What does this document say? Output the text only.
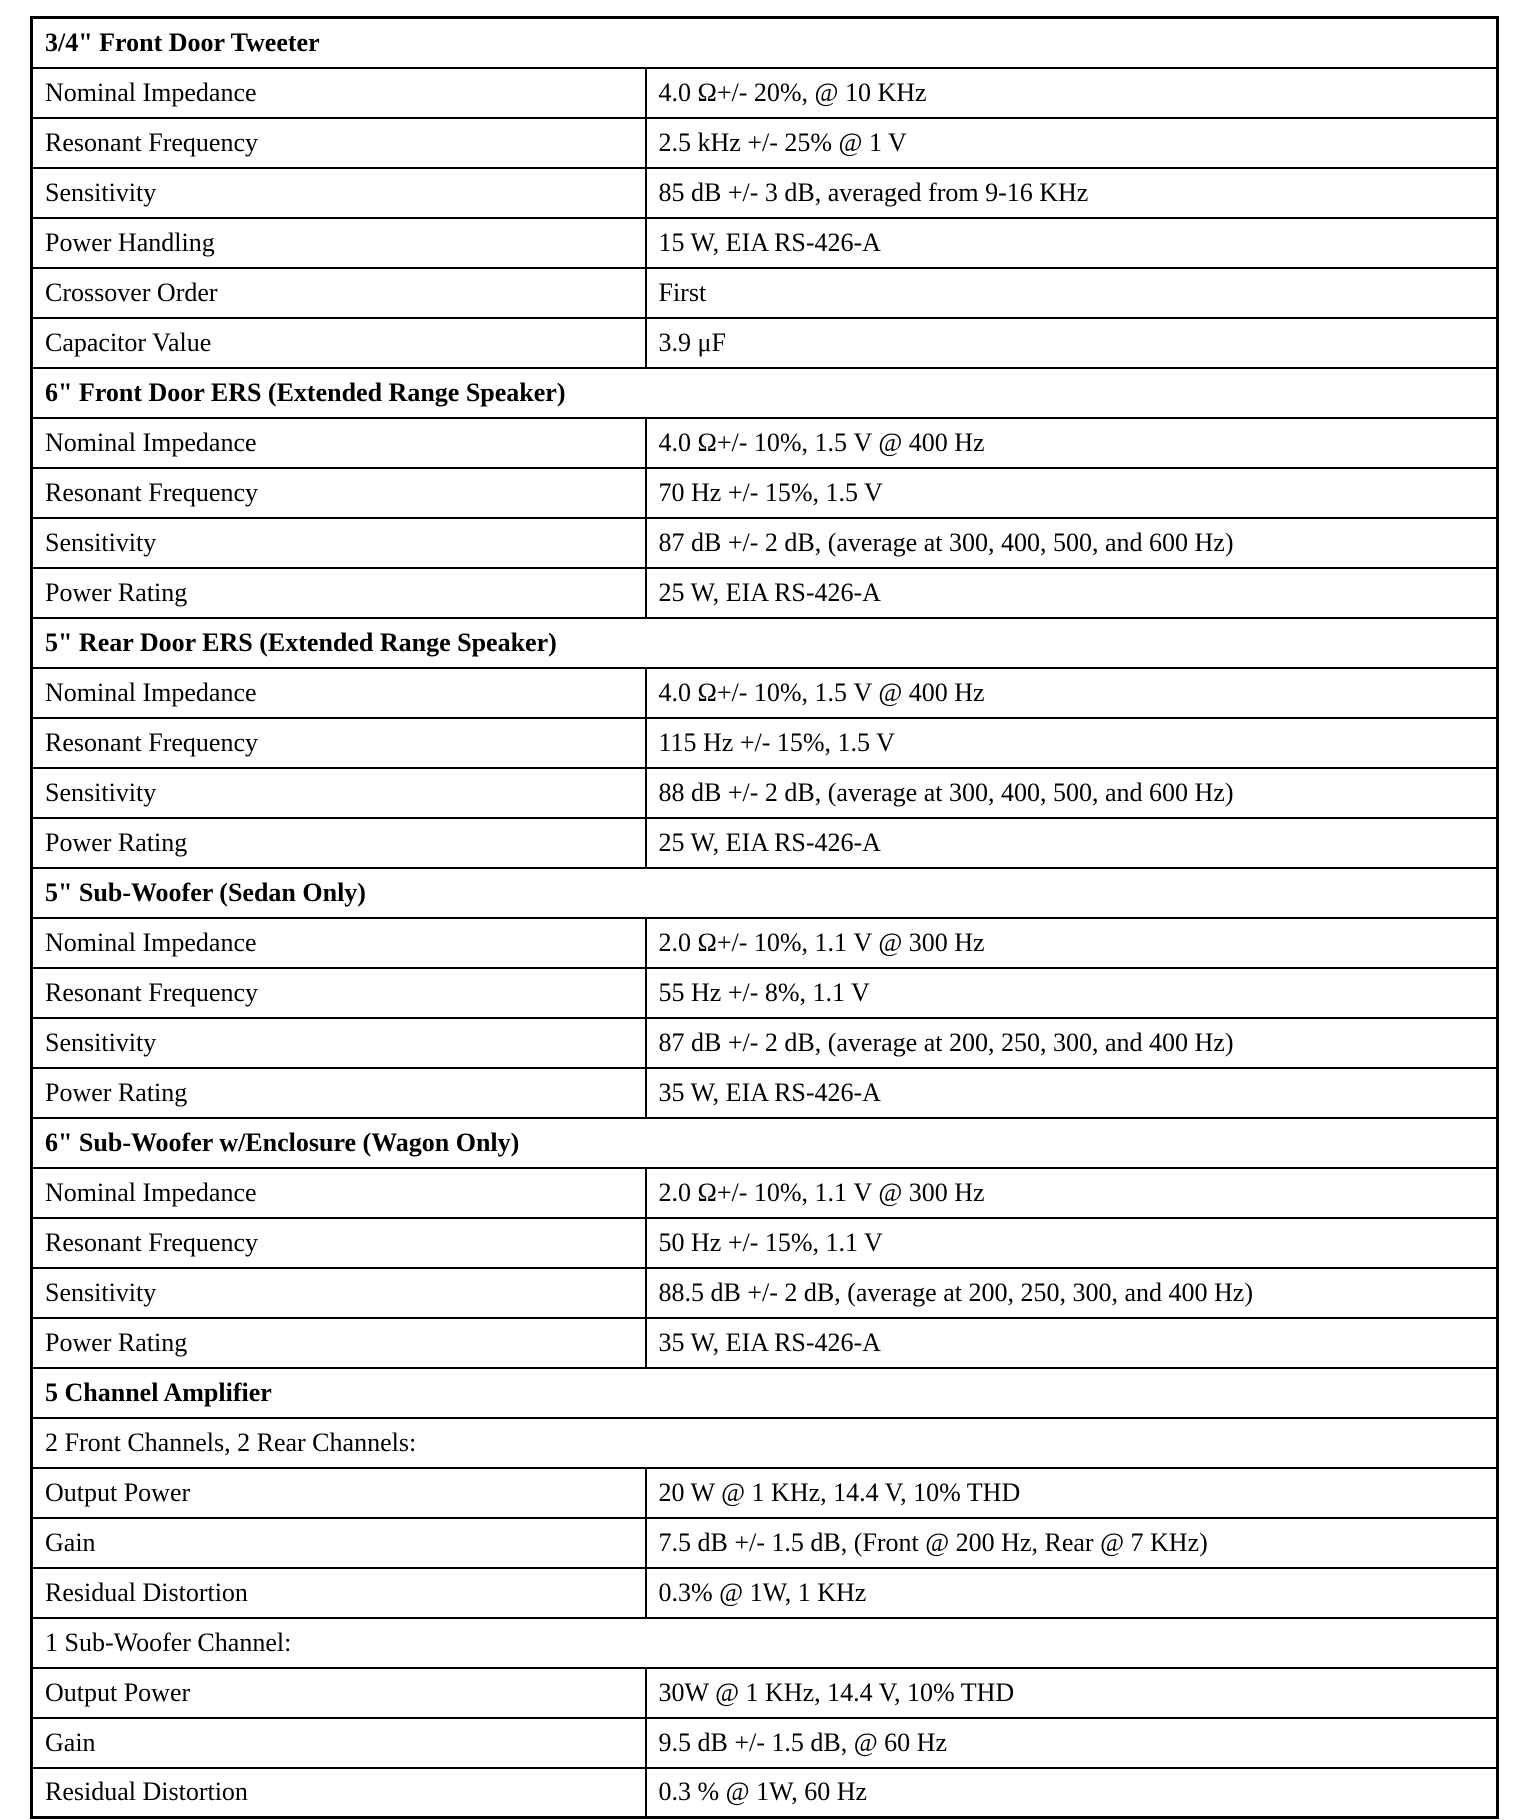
3/4" Front Door Tweeter	
Nominal Impedance	4.0 Ω+/- 20%, @ 10 KHz
Resonant Frequency	2.5 kHz +/- 25% @ 1 V
Sensitivity	85 dB +/- 3 dB, averaged from 9-16 KHz
Power Handling	15 W, EIA RS-426-A
Crossover Order	First
Capacitor Value	3.9 μF
6" Front Door ERS (Extended Range Speaker)	
Nominal Impedance	4.0 Ω+/- 10%, 1.5 V @ 400 Hz
Resonant Frequency	70 Hz +/- 15%, 1.5 V
Sensitivity	87 dB +/- 2 dB, (average at 300, 400, 500, and 600 Hz)
Power Rating	25 W, EIA RS-426-A
5" Rear Door ERS (Extended Range Speaker)	
Nominal Impedance	4.0 Ω+/- 10%, 1.5 V @ 400 Hz
Resonant Frequency	115 Hz +/- 15%, 1.5 V
Sensitivity	88 dB +/- 2 dB, (average at 300, 400, 500, and 600 Hz)
Power Rating	25 W, EIA RS-426-A
5" Sub-Woofer (Sedan Only)	
Nominal Impedance	2.0 Ω+/- 10%, 1.1 V @ 300 Hz
Resonant Frequency	55 Hz +/- 8%, 1.1 V
Sensitivity	87 dB +/- 2 dB, (average at 200, 250, 300, and 400 Hz)
Power Rating	35 W, EIA RS-426-A
6" Sub-Woofer w/Enclosure (Wagon Only)	
Nominal Impedance	2.0 Ω+/- 10%, 1.1 V @ 300 Hz
Resonant Frequency	50 Hz +/- 15%, 1.1 V
Sensitivity	88.5 dB +/- 2 dB, (average at 200, 250, 300, and 400 Hz)
Power Rating	35 W, EIA RS-426-A
5 Channel Amplifier	
2 Front Channels, 2 Rear Channels:	
Output Power	20 W @ 1 KHz, 14.4 V, 10% THD
Gain	7.5 dB +/- 1.5 dB, (Front @ 200 Hz, Rear @ 7 KHz)
Residual Distortion	0.3% @ 1W, 1 KHz
1 Sub-Woofer Channel:	
Output Power	30W @ 1 KHz, 14.4 V, 10% THD
Gain	9.5 dB +/- 1.5 dB, @ 60 Hz
Residual Distortion	0.3 % @ 1W, 60 Hz
